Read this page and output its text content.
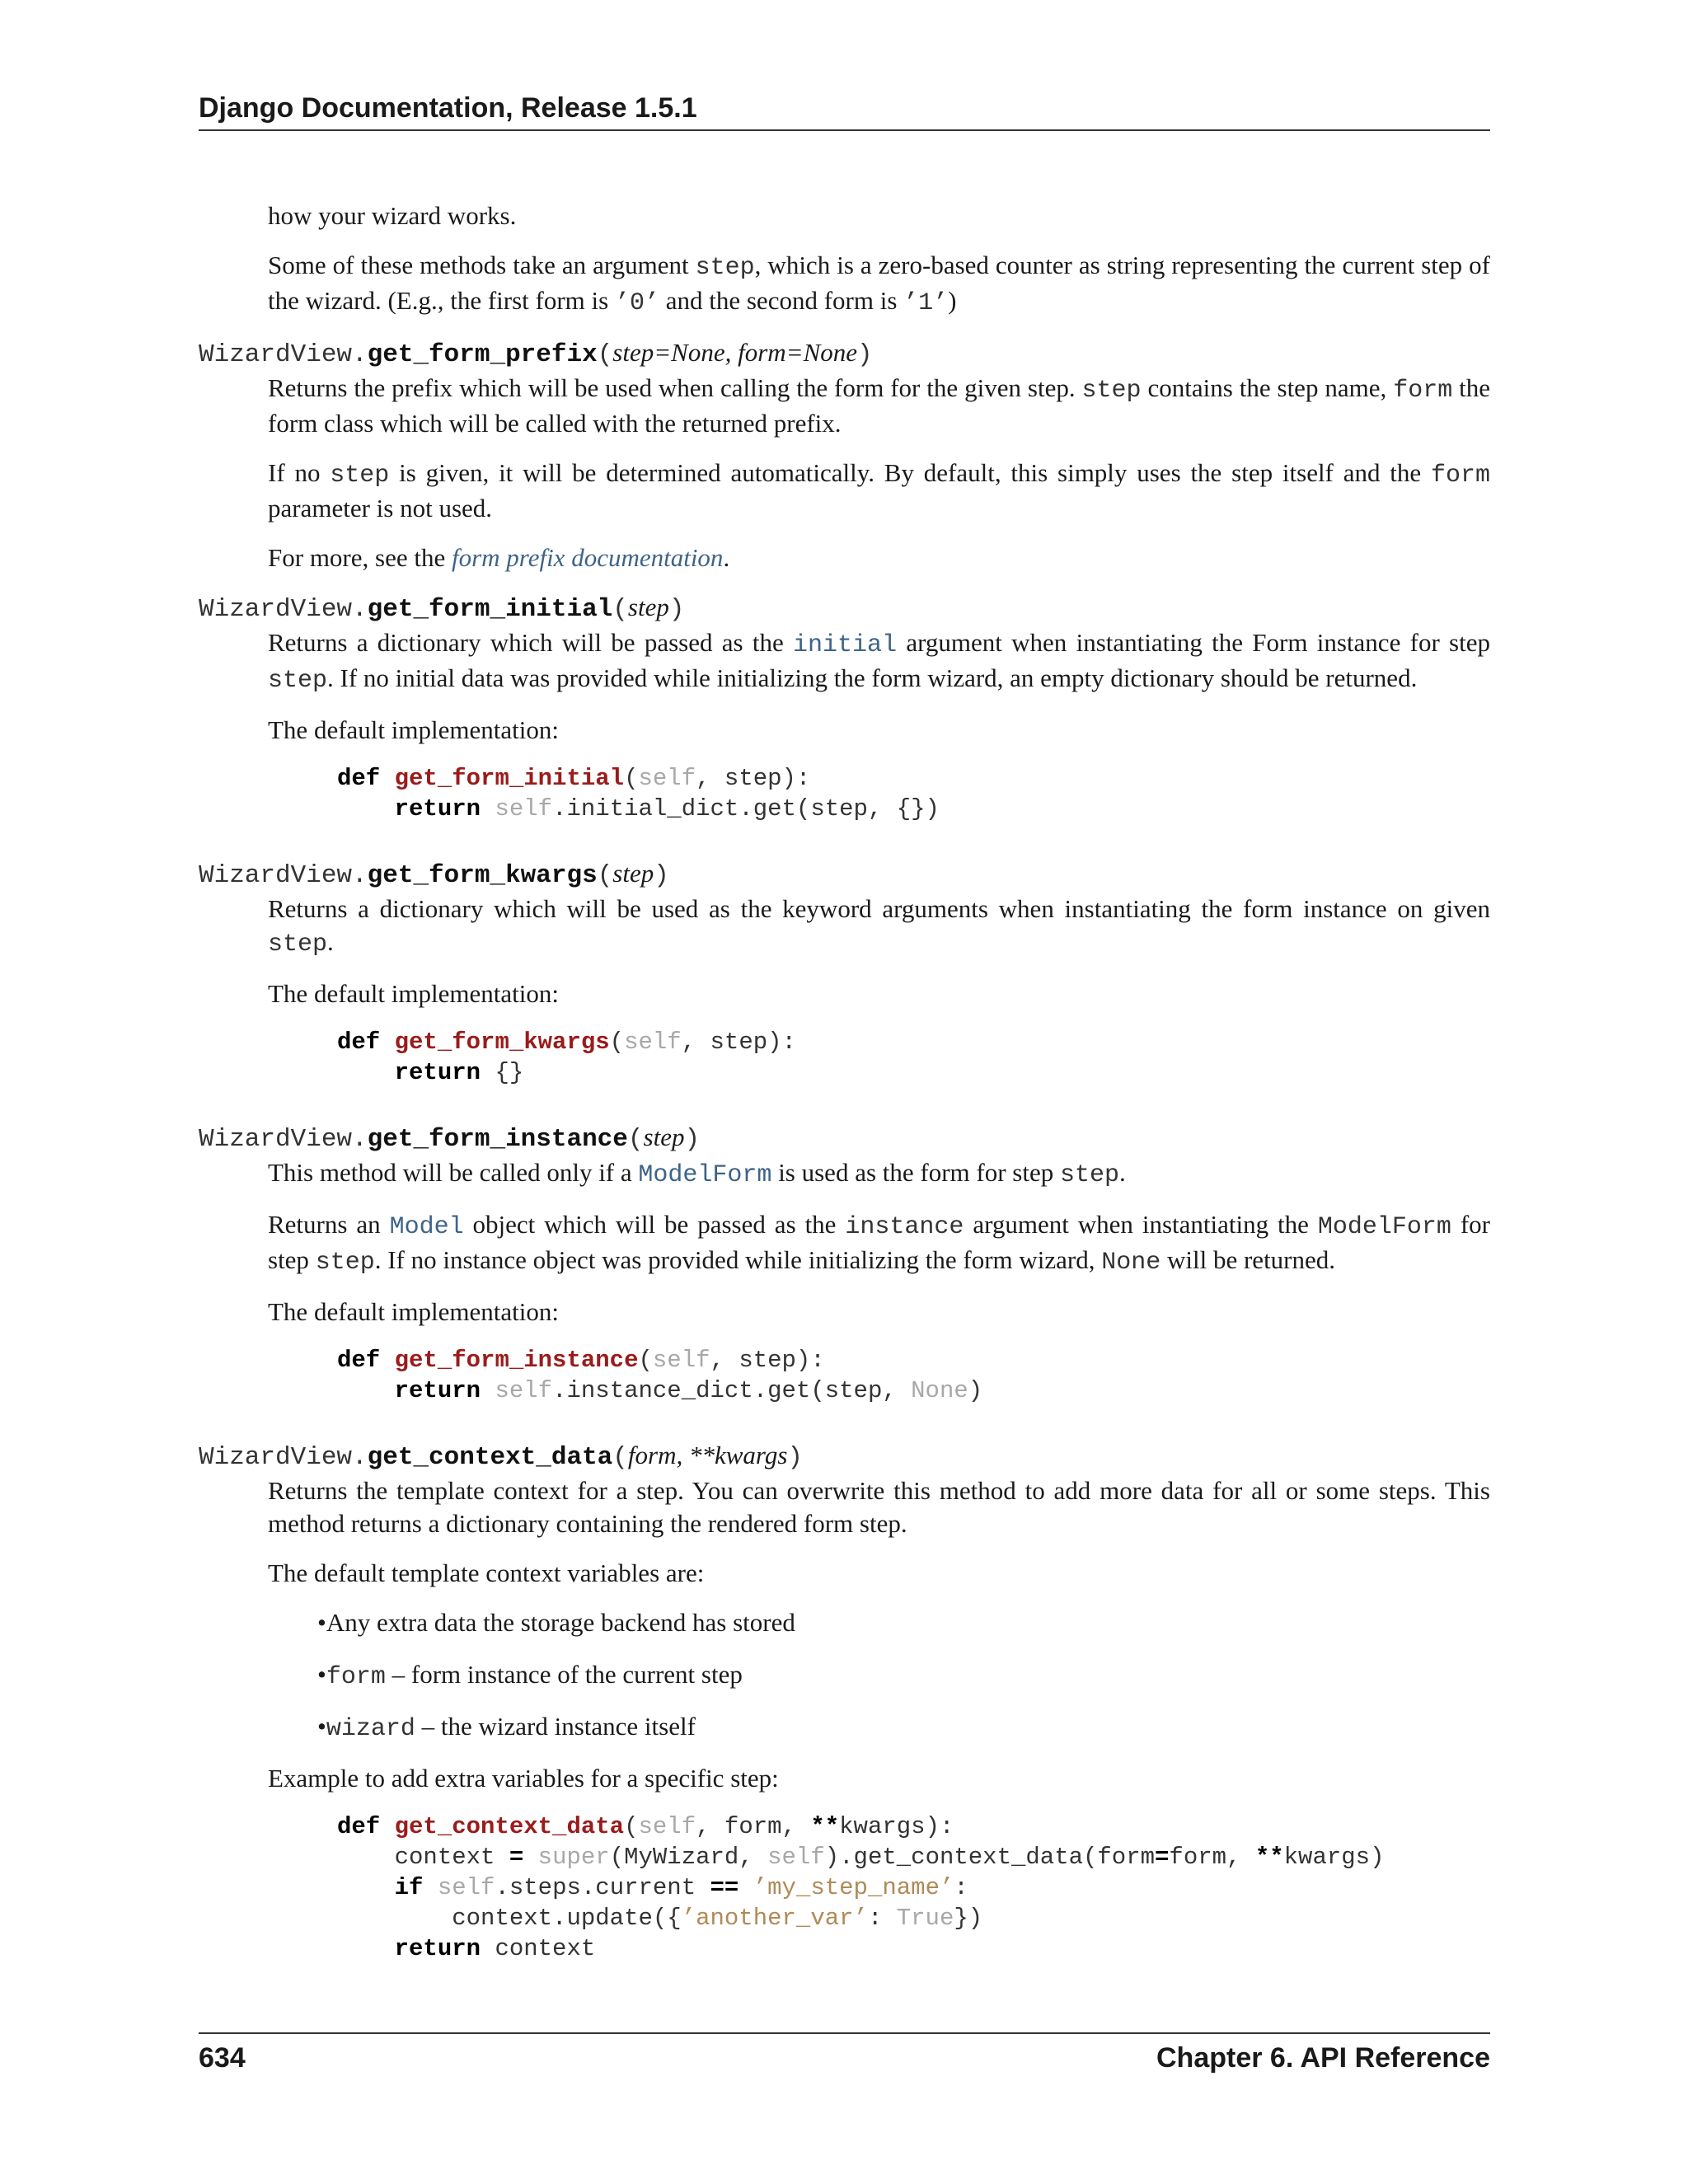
Django Documentation, Release 1.5.1

how your wizard works.

Some of these methods take an argument step, which is a zero-based counter as string representing the current step of the wizard. (E.g., the first form is ’0’ and the second form is ’1’)

WizardView.get_form_prefix(step=None, form=None)

Returns the prefix which will be used when calling the form for the given step. step contains the step name, form the form class which will be called with the returned prefix.

If no step is given, it will be determined automatically. By default, this simply uses the step itself and the form parameter is not used.

For more, see the form prefix documentation.

WizardView.get_form_initial(step)

Returns a dictionary which will be passed as the initial argument when instantiating the Form instance for step step. If no initial data was provided while initializing the form wizard, an empty dictionary should be returned.

The default implementation:

def get_form_initial(self, step):
return self.initial_dict.get(step, {})

WizardView.get_form_kwargs(step)

Returns a dictionary which will be used as the keyword arguments when instantiating the form instance on given step.

The default implementation:

def get_form_kwargs(self, step):
return {}

WizardView.get_form_instance(step)

This method will be called only if a ModelForm is used as the form for step step.

Returns an Model object which will be passed as the instance argument when instantiating the ModelForm for step step. If no instance object was provided while initializing the form wizard, None will be returned.

The default implementation:

def get_form_instance(self, step):
return self.instance_dict.get(step, None)

WizardView.get_context_data(form, **kwargs)

Returns the template context for a step. You can overwrite this method to add more data for all or some steps. This method returns a dictionary containing the rendered form step.

The default template context variables are:

• Any extra data the storage backend has stored
• form – form instance of the current step
• wizard – the wizard instance itself

Example to add extra variables for a specific step:

def get_context_data(self, form, **kwargs):
context = super(MyWizard, self).get_context_data(form=form, **kwargs)
if self.steps.current == ’my_step_name’:
context.update({’another_var’: True})
return context
634	Chapter 6. API Reference
